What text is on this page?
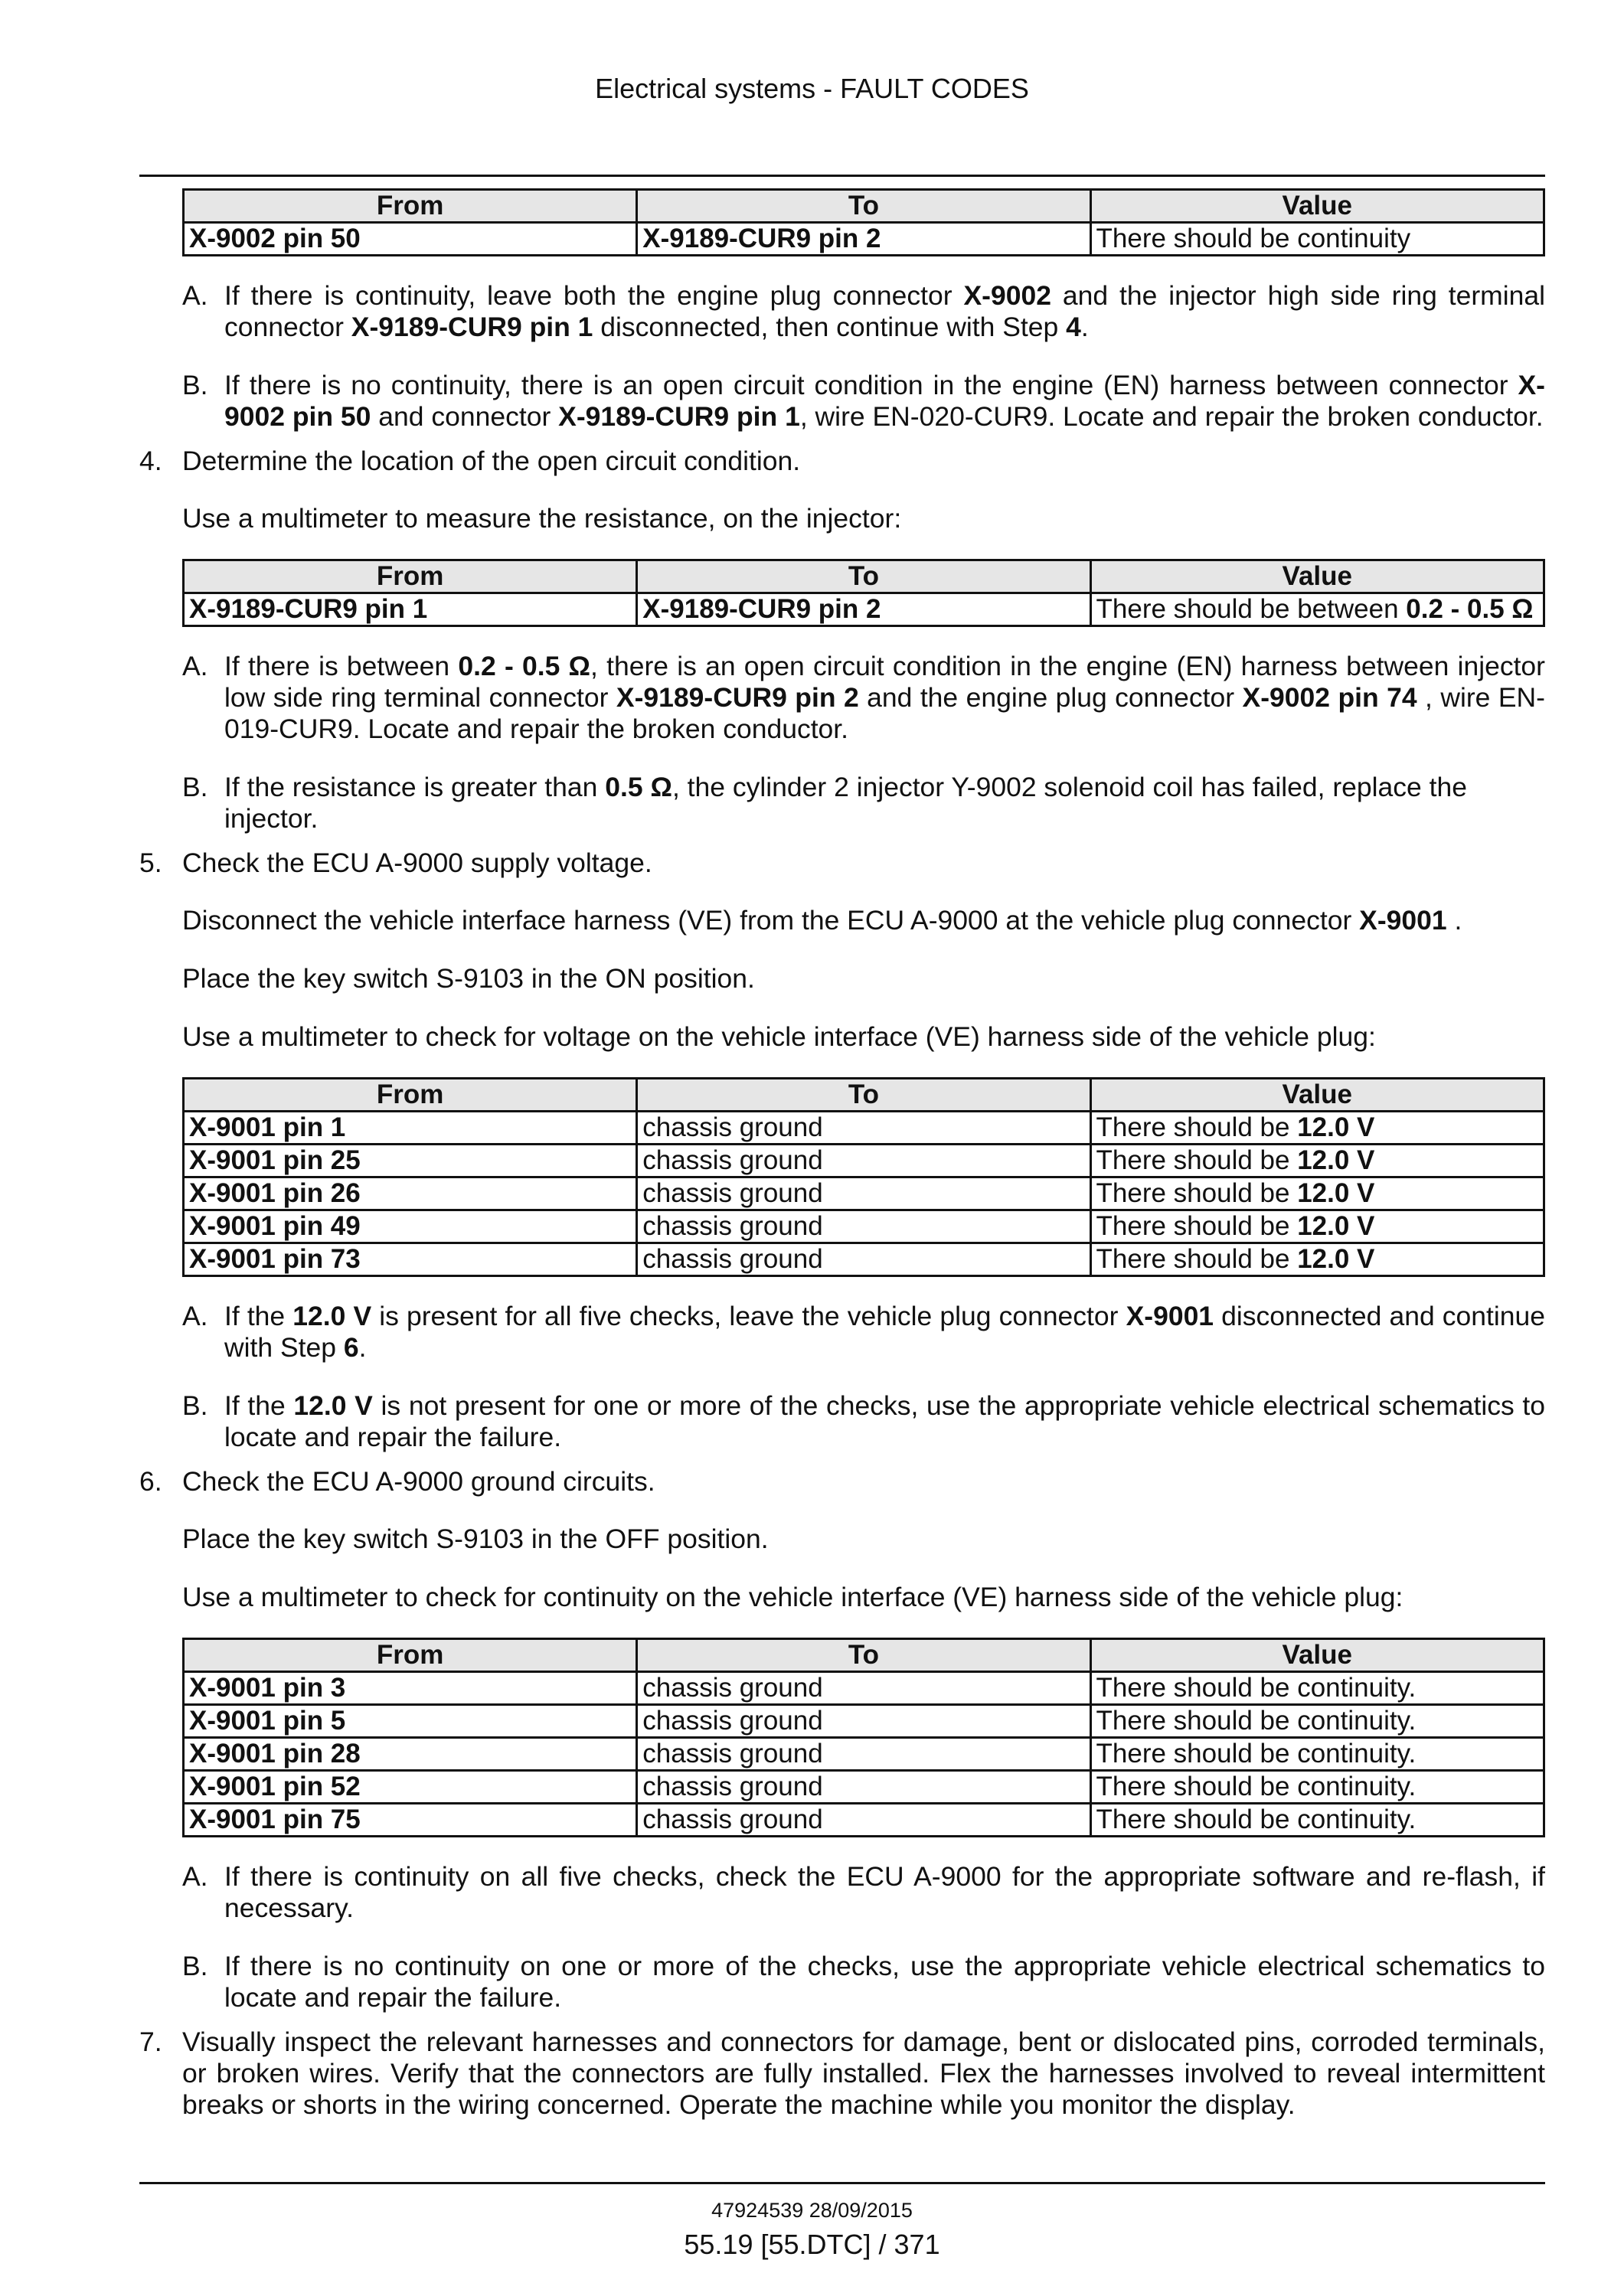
Electrical systems - FAULT CODES
From	To	Value
X-9002 pin 50	X-9189-CUR9 pin 2	There should be continuity
A. If there is continuity, leave both the engine plug connector X-9002 and the injector high side ring terminal connector X-9189-CUR9 pin 1 disconnected, then continue with Step 4.
B. If there is no continuity, there is an open circuit condition in the engine (EN) harness between connector X-9002 pin 50 and connector X-9189-CUR9 pin 1, wire EN-020-CUR9. Locate and repair the broken conductor.
4. Determine the location of the open circuit condition.
Use a multimeter to measure the resistance, on the injector:
From	To	Value
X-9189-CUR9 pin 1	X-9189-CUR9 pin 2	There should be between 0.2 - 0.5 Ω
A. If there is between 0.2 - 0.5 Ω, there is an open circuit condition in the engine (EN) harness between injector low side ring terminal connector X-9189-CUR9 pin 2 and the engine plug connector X-9002 pin 74 , wire EN-019-CUR9. Locate and repair the broken conductor.
B. If the resistance is greater than 0.5 Ω, the cylinder 2 injector Y-9002 solenoid coil has failed, replace the injector.
5. Check the ECU A-9000 supply voltage.
Disconnect the vehicle interface harness (VE) from the ECU A-9000 at the vehicle plug connector X-9001 .
Place the key switch S-9103 in the ON position.
Use a multimeter to check for voltage on the vehicle interface (VE) harness side of the vehicle plug:
From	To	Value
X-9001 pin 1	chassis ground	There should be 12.0 V
X-9001 pin 25	chassis ground	There should be 12.0 V
X-9001 pin 26	chassis ground	There should be 12.0 V
X-9001 pin 49	chassis ground	There should be 12.0 V
X-9001 pin 73	chassis ground	There should be 12.0 V
A. If the 12.0 V is present for all five checks, leave the vehicle plug connector X-9001 disconnected and continue with Step 6.
B. If the 12.0 V is not present for one or more of the checks, use the appropriate vehicle electrical schematics to locate and repair the failure.
6. Check the ECU A-9000 ground circuits.
Place the key switch S-9103 in the OFF position.
Use a multimeter to check for continuity on the vehicle interface (VE) harness side of the vehicle plug:
From	To	Value
X-9001 pin 3	chassis ground	There should be continuity.
X-9001 pin 5	chassis ground	There should be continuity.
X-9001 pin 28	chassis ground	There should be continuity.
X-9001 pin 52	chassis ground	There should be continuity.
X-9001 pin 75	chassis ground	There should be continuity.
A. If there is continuity on all five checks, check the ECU A-9000 for the appropriate software and re-flash, if necessary.
B. If there is no continuity on one or more of the checks, use the appropriate vehicle electrical schematics to locate and repair the failure.
7. Visually inspect the relevant harnesses and connectors for damage, bent or dislocated pins, corroded terminals, or broken wires. Verify that the connectors are fully installed. Flex the harnesses involved to reveal intermittent breaks or shorts in the wiring concerned. Operate the machine while you monitor the display.
47924539 28/09/2015
55.19 [55.DTC] / 371
